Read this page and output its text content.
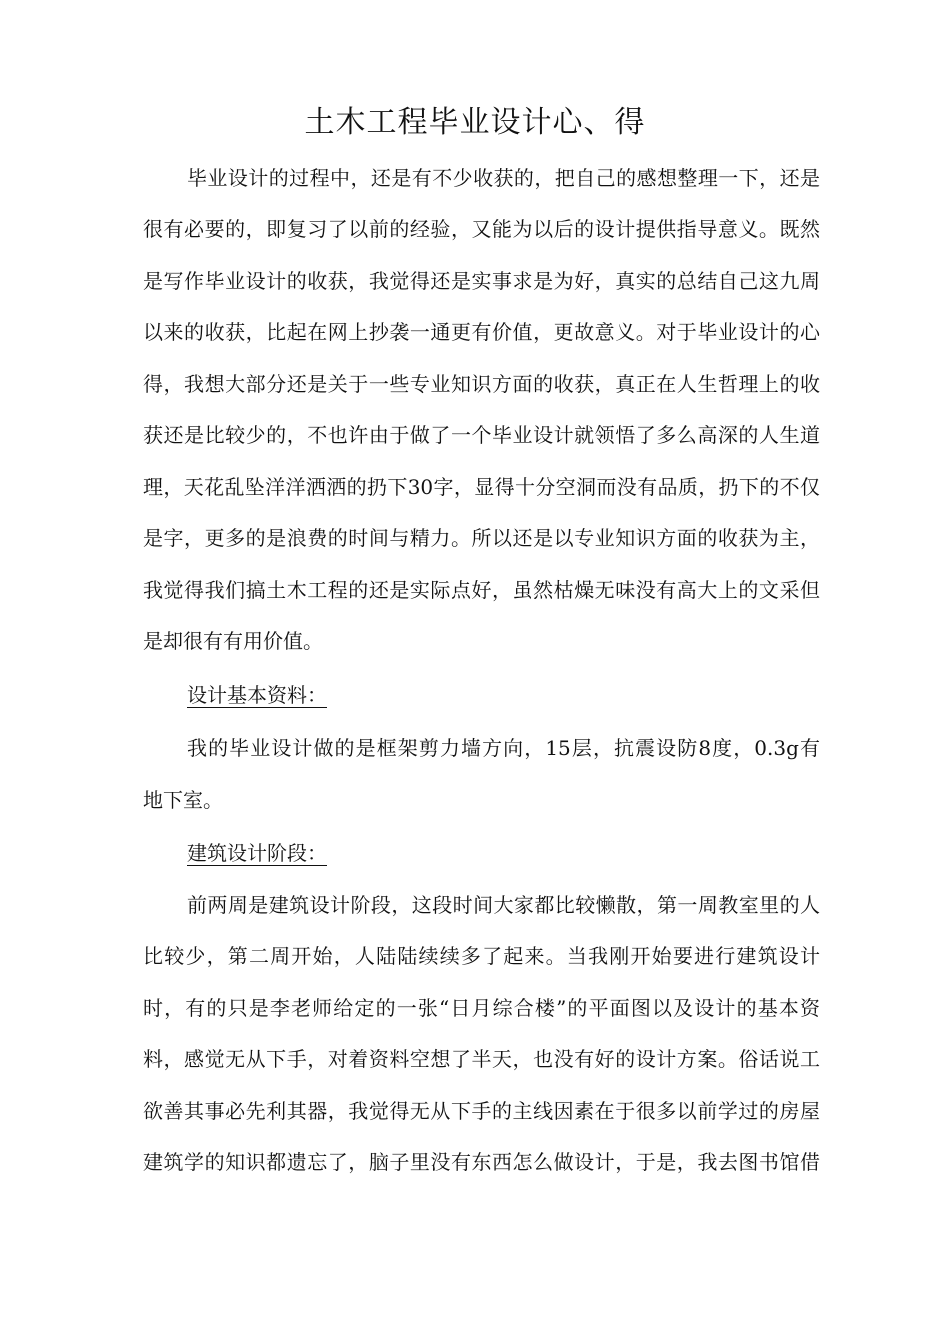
土木工程毕业设计心、得
毕业设计的过程中，还是有不少收获的，把自己的感想整理一下，还是
很有必要的，即复习了以前的经验，又能为以后的设计提供指导意义。既然
是写作毕业设计的收获，我觉得还是实事求是为好，真实的总结自己这九周
以来的收获，比起在网上抄袭一通更有价值，更故意义。对于毕业设计的心
得，我想大部分还是关于一些专业知识方面的收获，真正在人生哲理上的收
获还是比较少的，不也许由于做了一个毕业设计就领悟了多么高深的人生道
理，天花乱坠洋洋洒洒的扔下30字，显得十分空洞而没有品质，扔下的不仅
是字，更多的是浪费的时间与精力。所以还是以专业知识方面的收获为主，
我觉得我们搞土木工程的还是实际点好，虽然枯燥无味没有高大上的文采但
是却很有有用价值。
设计基本资料：
我的毕业设计做的是框架剪力墙方向，15层，抗震设防8度，0.3g有
地下室。
建筑设计阶段：
前两周是建筑设计阶段，这段时间大家都比较懒散，第一周教室里的人
比较少，第二周开始，人陆陆续续多了起来。当我刚开始要进行建筑设计
时，有的只是李老师给定的一张“日月综合楼”的平面图以及设计的基本资
料，感觉无从下手，对着资料空想了半天，也没有好的设计方案。俗话说工
欲善其事必先利其器，我觉得无从下手的主线因素在于很多以前学过的房屋
建筑学的知识都遗忘了，脑子里没有东西怎么做设计，于是，我去图书馆借
